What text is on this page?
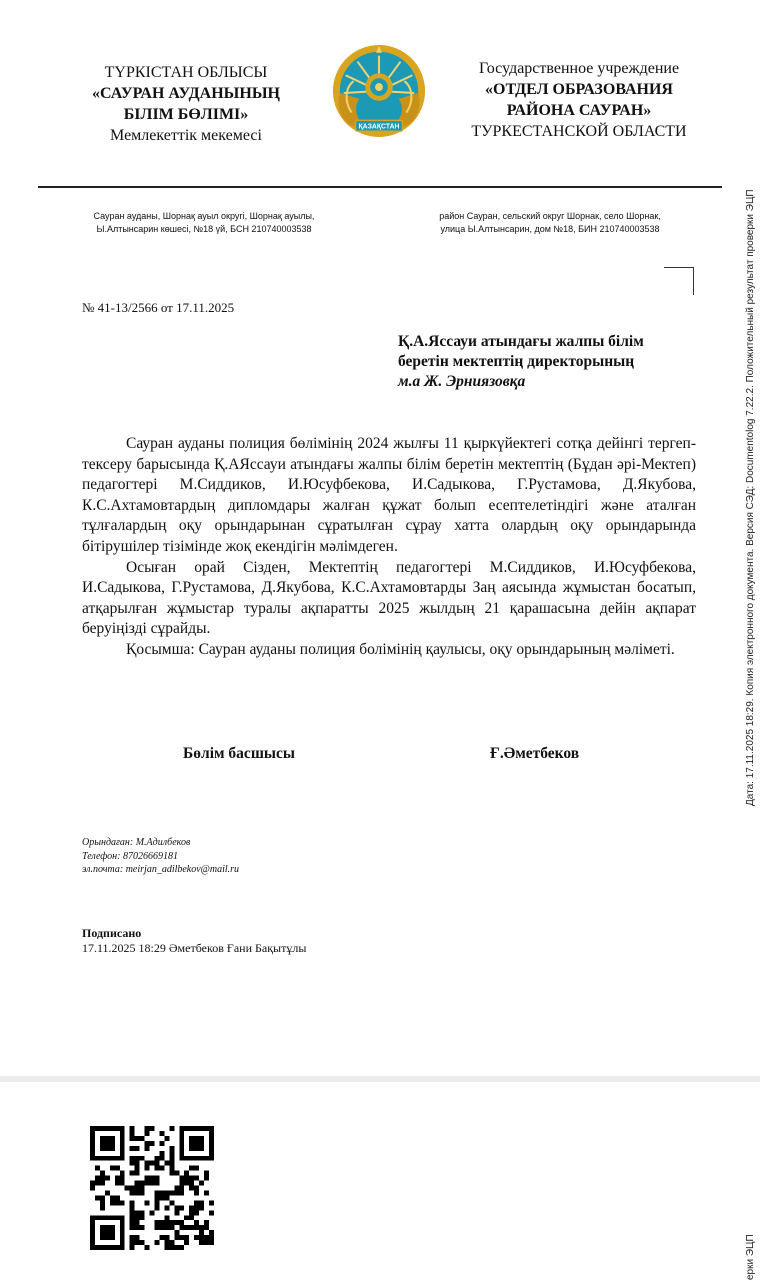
ТҮРКІСТАН ОБЛЫСЫ
«САУРАН АУДАНЫНЫҢ
БІЛІМ БӨЛІМІ»
Мемлекеттік мекемесі	ҚАЗАҚСТАН
Государственное учреждение
«ОТДЕЛ ОБРАЗОВАНИЯ
РАЙОНА САУРАН»
ТУРКЕСТАНСКОЙ ОБЛАСТИ
Сауран ауданы, Шорнақ ауыл округі, Шорнақ ауылы,
Ы.Алтынсарин көшесі, №18 үй, БСН 210740003538
район Сауран, сельский округ Шорнак, село Шорнак,
улица Ы.Алтынсарин, дом №18, БИН 210740003538
№ 41-13/2566 от 17.11.2025
Қ.А.Яссауи атындағы жалпы білім
беретін мектептің директорының
м.а Ж. Эрниязовқа

Сауран ауданы полиция бөлімінің 2024 жылғы 11 қыркүйектегі сотқа дейінгі тергеп-тексеру барысында Қ.АЯссауи атындағы жалпы білім беретін мектептің (Бұдан әрі-Мектеп) педагогтері М.Сиддиков, И.Юсуфбекова, И.Садыкова, Г.Рустамова, Д.Якубова, К.С.Ахтамовтардың дипломдары жалған құжат болып есептелетіндігі және аталған тұлғалардың оқу орындарынан сұратылған сұрау хатта олардың оқу орындарында бітірушілер тізімінде жоқ екендігін мәлімдеген.

Осыған орай Сізден, Мектептің педагогтері М.Сиддиков, И.Юсуфбекова, И.Садыкова, Г.Рустамова, Д.Якубова, К.С.Ахтамовтарды Заң аясында жұмыстан босатып, атқарылған жұмыстар туралы ақпаратты 2025 жылдың 21 қарашасына дейін ақпарат беруіңізді сұрайды.

Қосымша: Сауран ауданы полиция болімінің қаулысы, оқу орындарының мәліметі.

Бөлім басшысы	Ғ.Әметбеков
Орындаған: М.Адилбеков
Телефон: 87026669181
эл.почта: meirjan_adilbekov@mail.ru
Подписано
17.11.2025 18:29 Әметбеков Ғани Бақытұлы
Дата: 17.11.2025 18:29. Копия электронного документа. Версия СЭД: Documentolog 7.22.2. Положительный результат проверки ЭЦП
ерки ЭЦП
